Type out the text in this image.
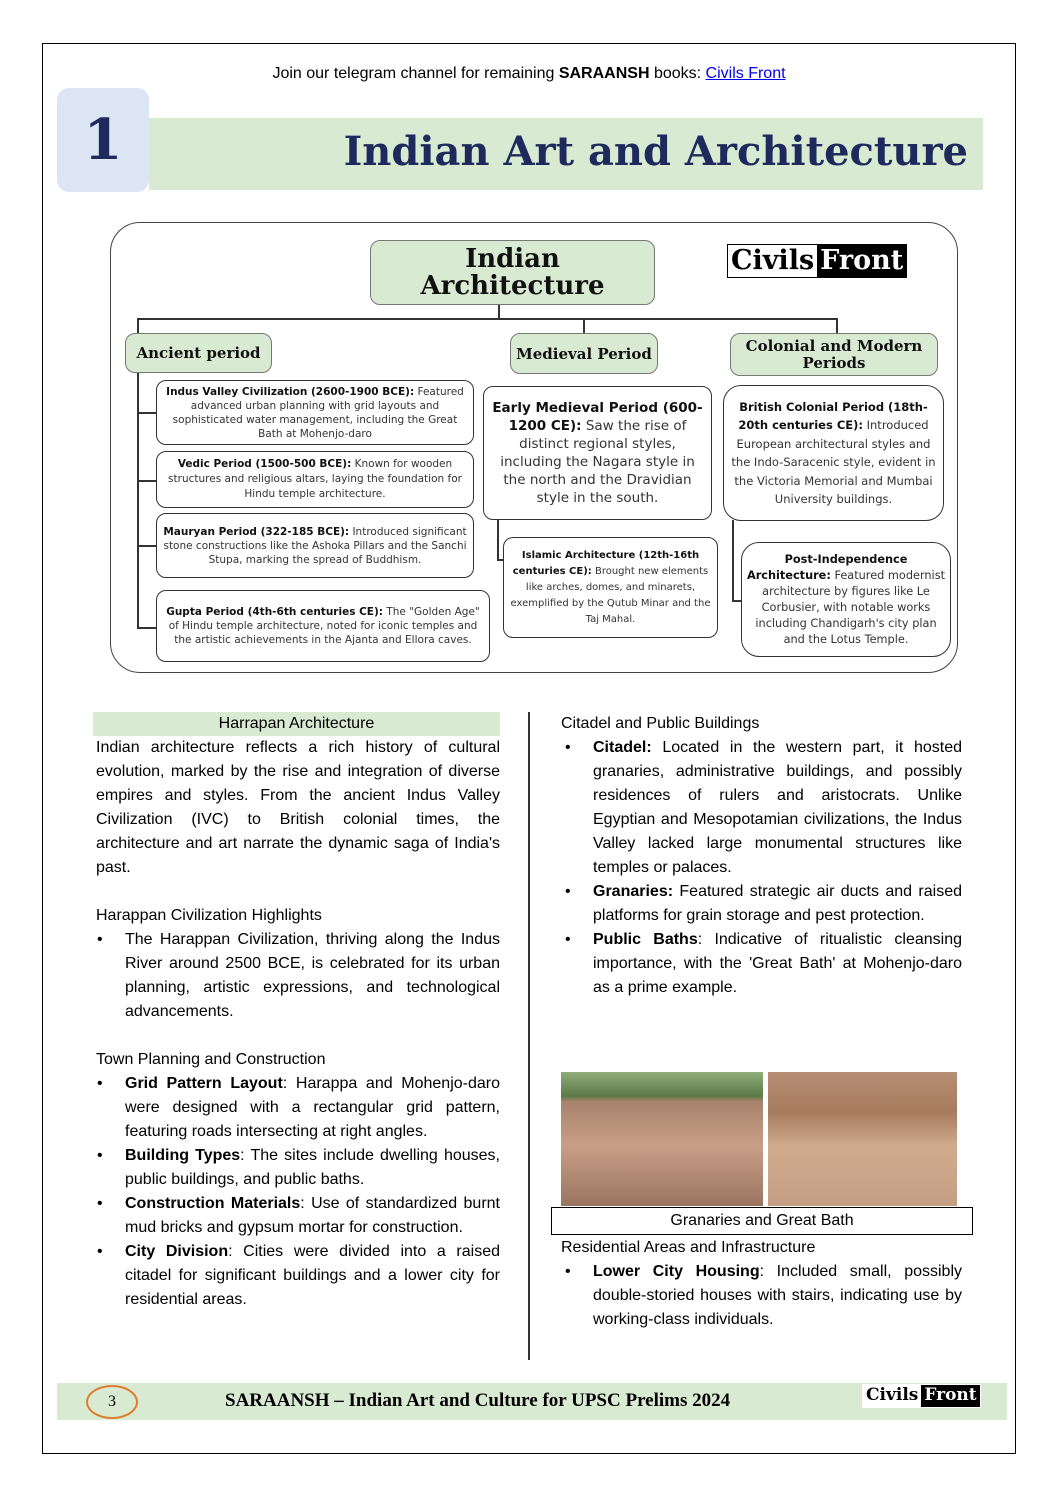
Join our telegram channel for remaining SARAANSH books: Civils Front
1	Indian Art and Architecture
Indian Architecture
Civils Front
Ancient period	Medieval Period	Colonial and Modern Periods
Indus Valley Civilization (2600-1900 BCE): Featured advanced urban planning with grid layouts and sophisticated water management, including the Great Bath at Mohenjo-daro
Vedic Period (1500-500 BCE): Known for wooden structures and religious altars, laying the foundation for Hindu temple architecture.
Mauryan Period (322-185 BCE): Introduced significant stone constructions like the Ashoka Pillars and the Sanchi Stupa, marking the spread of Buddhism.
Gupta Period (4th-6th centuries CE): The "Golden Age" of Hindu temple architecture, noted for iconic temples and the artistic achievements in the Ajanta and Ellora caves.
Early Medieval Period (600-1200 CE): Saw the rise of distinct regional styles, including the Nagara style in the north and the Dravidian style in the south.
Islamic Architecture (12th-16th centuries CE): Brought new elements like arches, domes, and minarets, exemplified by the Qutub Minar and the Taj Mahal.
British Colonial Period (18th-20th centuries CE): Introduced European architectural styles and the Indo-Saracenic style, evident in the Victoria Memorial and Mumbai University buildings.
Post-Independence Architecture: Featured modernist architecture by figures like Le Corbusier, with notable works including Chandigarh's city plan and the Lotus Temple.
Harrapan Architecture

Indian architecture reflects a rich history of cultural evolution, marked by the rise and integration of diverse empires and styles. From the ancient Indus Valley Civilization (IVC) to British colonial times, the architecture and art narrate the dynamic saga of India's past.

Harappan Civilization Highlights
• The Harappan Civilization, thriving along the Indus River around 2500 BCE, is celebrated for its urban planning, artistic expressions, and technological advancements.
Town Planning and Construction
• Grid Pattern Layout: Harappa and Mohenjo-daro were designed with a rectangular grid pattern, featuring roads intersecting at right angles.
• Building Types: The sites include dwelling houses, public buildings, and public baths.
• Construction Materials: Use of standardized burnt mud bricks and gypsum mortar for construction.
• City Division: Cities were divided into a raised citadel for significant buildings and a lower city for residential areas.
Citadel and Public Buildings
• Citadel: Located in the western part, it hosted granaries, administrative buildings, and possibly residences of rulers and aristocrats. Unlike Egyptian and Mesopotamian civilizations, the Indus Valley lacked large monumental structures like temples or palaces.
• Granaries: Featured strategic air ducts and raised platforms for grain storage and pest protection.
• Public Baths: Indicative of ritualistic cleansing importance, with the 'Great Bath' at Mohenjo-daro as a prime example.
Granaries and Great Bath
Residential Areas and Infrastructure
• Lower City Housing: Included small, possibly double-storied houses with stairs, indicating use by working-class individuals.
3	SARAANSH – Indian Art and Culture for UPSC Prelims 2024	Civils Front
